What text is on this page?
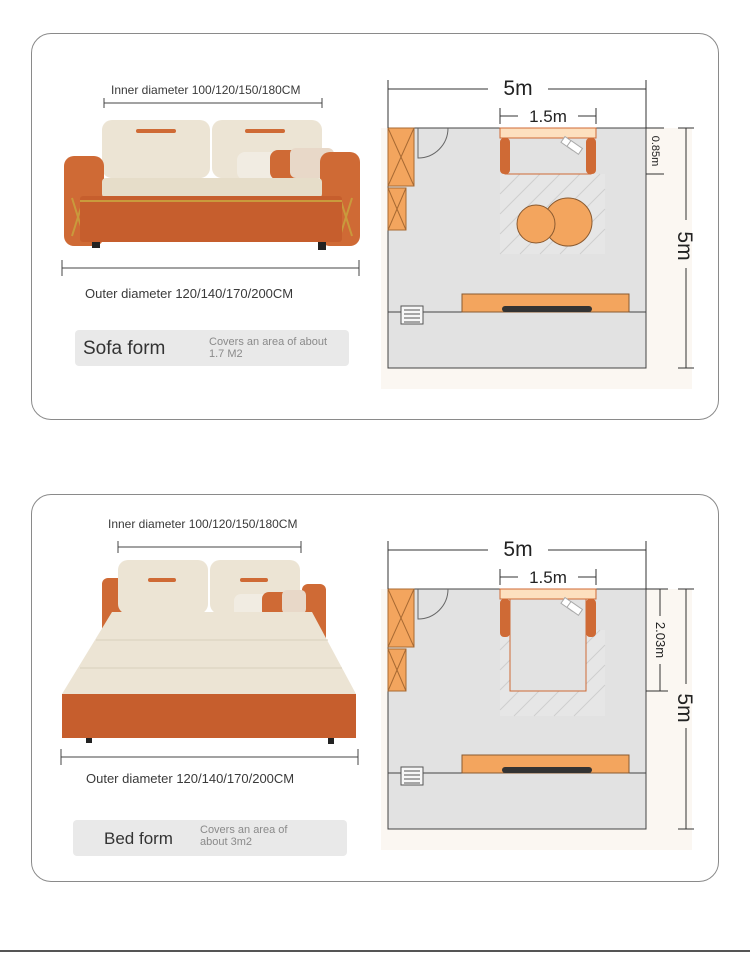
5m
1.5m
0.85m
5m
Inner diameter 100/120/150/180CM
Outer diameter 120/140/170/200CM
Sofa form	Covers an area of about
1.7 M2
5m
1.5m
2.03m
5m
Inner diameter 100/120/150/180CM
Outer diameter 120/140/170/200CM
Bed form Covers an area of
about 3m2
